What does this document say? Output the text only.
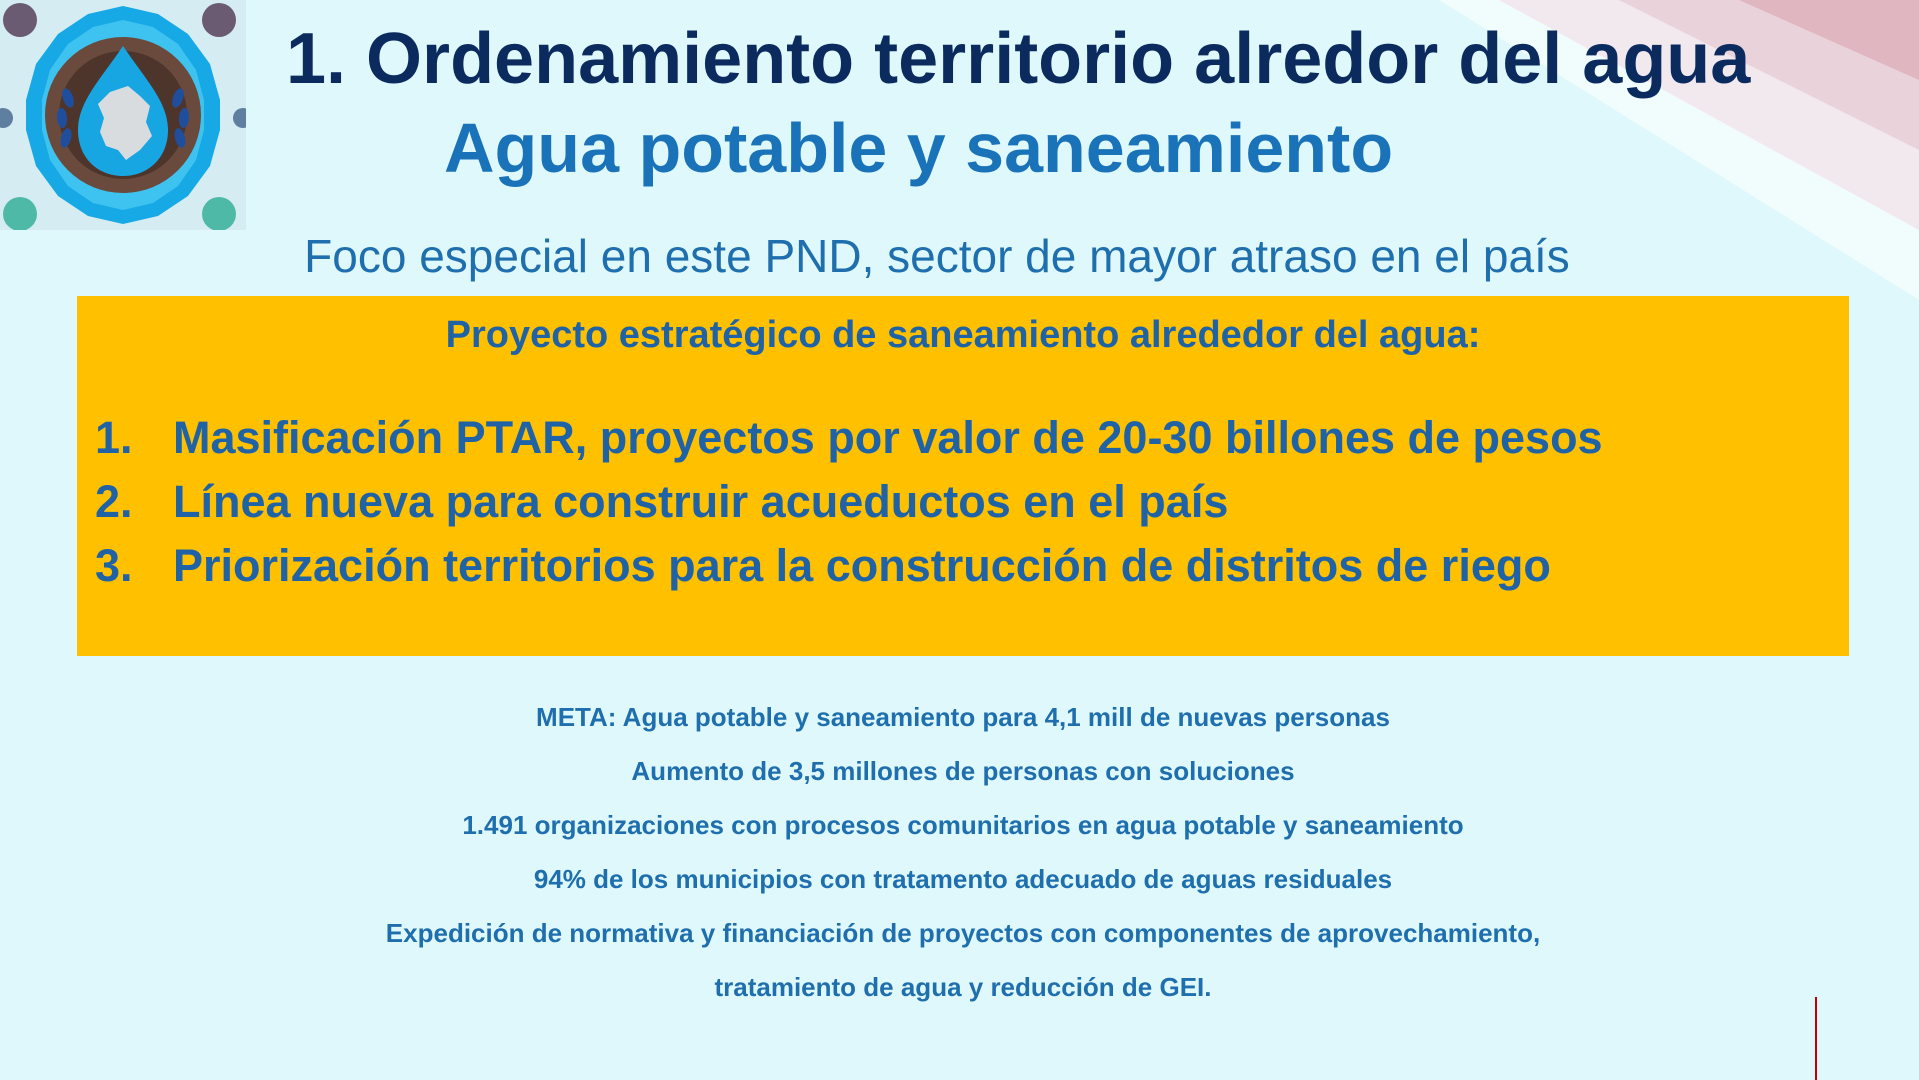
1. Ordenamiento territorio alredor del agua
Agua potable y saneamiento

Foco especial en este PND, sector de mayor atraso en el país

Proyecto estratégico de saneamiento alrededor del agua:

1. Masificación PTAR, proyectos por valor de 20-30 billones de pesos
2. Línea nueva para construir acueductos en el país
3. Priorización territorios para la construcción de distritos de riego
META: Agua potable y saneamiento para 4,1 mill de nuevas personas
Aumento de 3,5 millones de personas con soluciones
1.491 organizaciones con procesos comunitarios en agua potable y saneamiento
94% de los municipios con tratamento adecuado de aguas residuales
Expedición de normativa y financiación de proyectos con componentes de aprovechamiento,
tratamiento de agua y reducción de GEI.
